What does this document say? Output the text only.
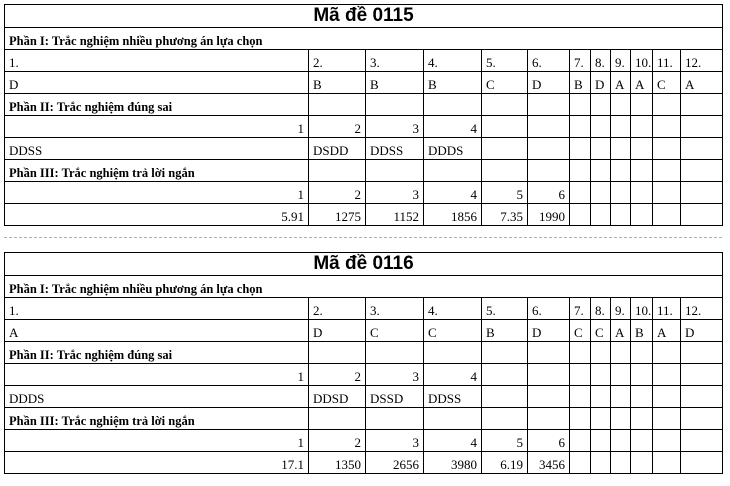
Mã đề 0115											
Phần I: Trắc nghiệm nhiều phương án lựa chọn											
1.	2.	3.	4.	5.	6.	7.	8.	9.	10.	11.	12.
D	B	B	B	C	D	B	D	A	A	C	A
Phần II: Trắc nghiệm đúng sai											
1	2	3	4								
DDSS	DSDD	DDSS	DDDS								
Phần III: Trắc nghiệm trả lời ngắn											
1	2	3	4	5	6						
5.91	1275	1152	1856	7.35	1990						
Mã đề 0116											
Phần I: Trắc nghiệm nhiều phương án lựa chọn											
1.	2.	3.	4.	5.	6.	7.	8.	9.	10.	11.	12.
A	D	C	C	B	D	C	C	A	B	A	D
Phần II: Trắc nghiệm đúng sai											
1	2	3	4								
DDDS	DDSD	DSSD	DDSS								
Phần III: Trắc nghiệm trả lời ngắn											
1	2	3	4	5	6						
17.1	1350	2656	3980	6.19	3456						
